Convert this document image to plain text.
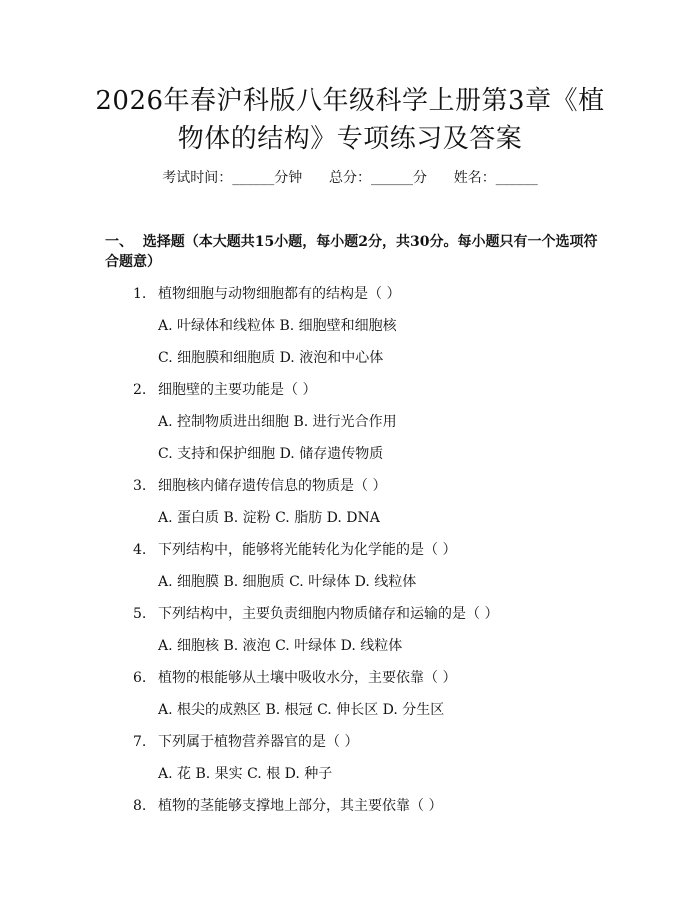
2026年春沪科版八年级科学上册第3章《植
物体的结构》专项练习及答案
考试时间：______分钟 总分：______分 姓名：______
一、  选择题（本大题共15小题，每小题2分，共30分。每小题只有一个选项符
合题意）
1. 植物细胞与动物细胞都有的结构是（ ）
A. 叶绿体和线粒体 B. 细胞壁和细胞核
C. 细胞膜和细胞质 D. 液泡和中心体
2. 细胞壁的主要功能是（ ）
A. 控制物质进出细胞 B. 进行光合作用
C. 支持和保护细胞 D. 储存遗传物质
3. 细胞核内储存遗传信息的物质是（ ）
A. 蛋白质 B. 淀粉 C. 脂肪 D. DNA
4. 下列结构中，能够将光能转化为化学能的是（ ）
A. 细胞膜 B. 细胞质 C. 叶绿体 D. 线粒体
5. 下列结构中，主要负责细胞内物质储存和运输的是（ ）
A. 细胞核 B. 液泡 C. 叶绿体 D. 线粒体
6. 植物的根能够从土壤中吸收水分，主要依靠（ ）
A. 根尖的成熟区 B. 根冠 C. 伸长区 D. 分生区
7. 下列属于植物营养器官的是（ ）
A. 花 B. 果实 C. 根 D. 种子
8. 植物的茎能够支撑地上部分，其主要依靠（ ）
